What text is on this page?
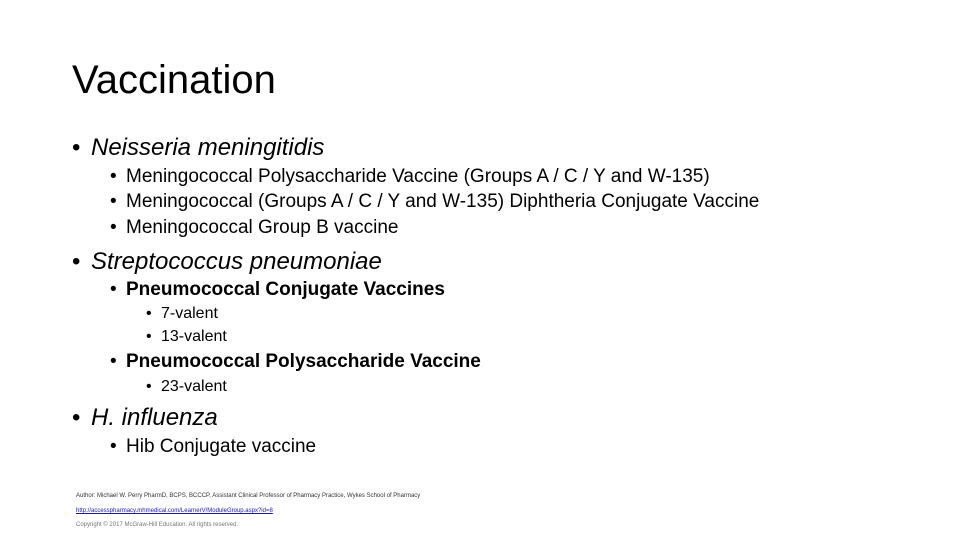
Vaccination
• Neisseria meningitidis
• Meningococcal Polysaccharide Vaccine (Groups A / C / Y and W-135)
• Meningococcal (Groups A / C / Y and W-135) Diphtheria Conjugate Vaccine
• Meningococcal Group B vaccine
• Streptococcus pneumoniae
• Pneumococcal Conjugate Vaccines
• 7-valent
• 13-valent
• Pneumococcal Polysaccharide Vaccine
• 23-valent
• H. influenza
• Hib Conjugate vaccine
Author: Michael W. Perry PharmD, BCPS, BCCCP, Assistant Clinical Professor of Pharmacy Practice, Wykes School of Pharmacy
http://accesspharmacy.mhmedical.com/LearnerV/ModuleGroup.aspx?id=8
Copyright © 2017 McGraw-Hill Education. All rights reserved.
